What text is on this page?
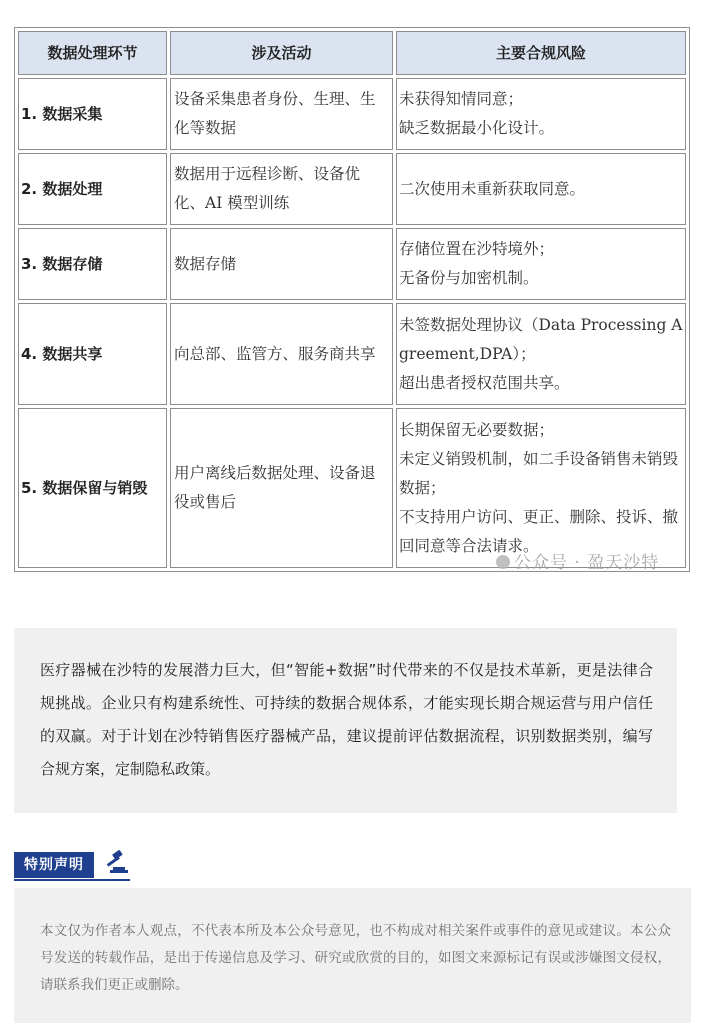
数据处理环节	涉及活动	主要合规风险
1. 数据采集	设备采集患者身份、生理、生化等数据	未获得知情同意；
缺乏数据最小化设计。

2. 数据处理	数据用于远程诊断、设备优化、AI 模型训练	二次使用未重新获取同意。

3. 数据存储	数据存储	存储位置在沙特境外；
无备份与加密机制。

4. 数据共享	向总部、监管方、服务商共享	未签数据处理协议（Data Processing Agreement,DPA）；
超出患者授权范围共享。

5. 数据保留与销毁	用户离线后数据处理、设备退役或售后	长期保留无必要数据；
未定义销毁机制，如二手设备销售未销毁数据；
不支持用户访问、更正、删除、投诉、撤回同意等合法请求。
公众号 · 盈天沙特
医疗器械在沙特的发展潜力巨大，但“智能+数据”时代带来的不仅是技术革新，更是法律合规挑战。企业只有构建系统性、可持续的数据合规体系，才能实现长期合规运营与用户信任的双赢。对于计划在沙特销售医疗器械产品，建议提前评估数据流程，识别数据类别，编写合规方案，定制隐私政策。
特别声明
本文仅为作者本人观点，不代表本所及本公众号意见，也不构成对相关案件或事件的意见或建议。本公众号发送的转载作品，是出于传递信息及学习、研究或欣赏的目的，如图文来源标记有误或涉嫌图文侵权，请联系我们更正或删除。
